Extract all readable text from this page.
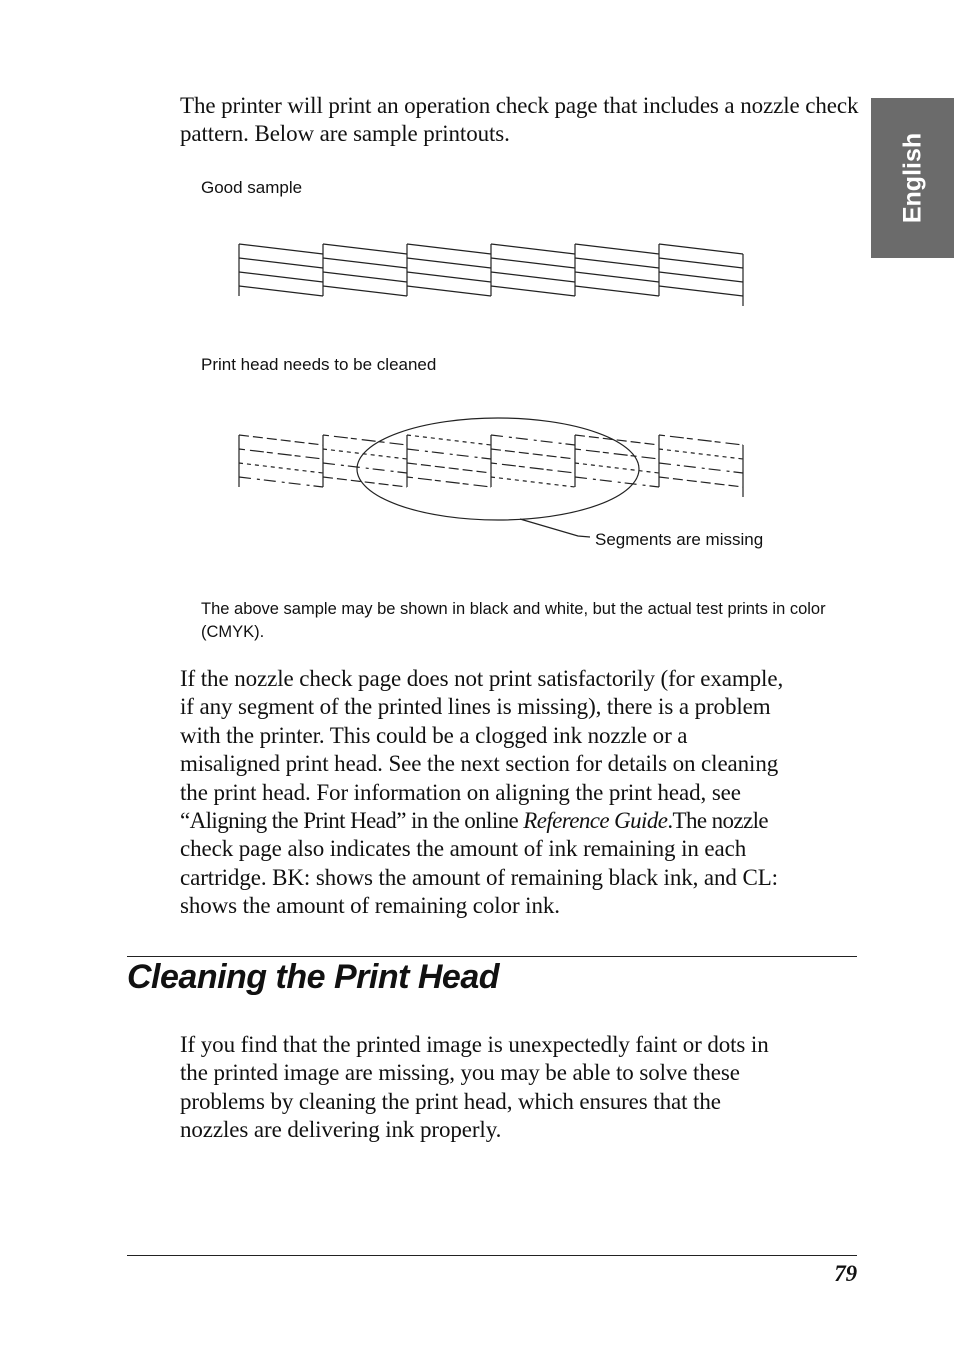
English
The printer will print an operation check page that includes a nozzle check pattern. Below are sample printouts.
Good sample
Print head needs to be cleaned
Segments are missing
The above sample may be shown in black and white, but the actual test prints in color (CMYK).
If the nozzle check page does not print satisfactorily (for example,
if any segment of the printed lines is missing), there is a problem
with the printer. This could be a clogged ink nozzle or a
misaligned print head. See the next section for details on cleaning
the print head. For information on aligning the print head, see
“Aligning the Print Head” in the online Reference Guide.The nozzle
check page also indicates the amount of ink remaining in each
cartridge. BK: shows the amount of remaining black ink, and CL:
shows the amount of remaining color ink.
Cleaning the Print Head
If you find that the printed image is unexpectedly faint or dots in
the printed image are missing, you may be able to solve these
problems by cleaning the print head, which ensures that the
nozzles are delivering ink properly.
79
